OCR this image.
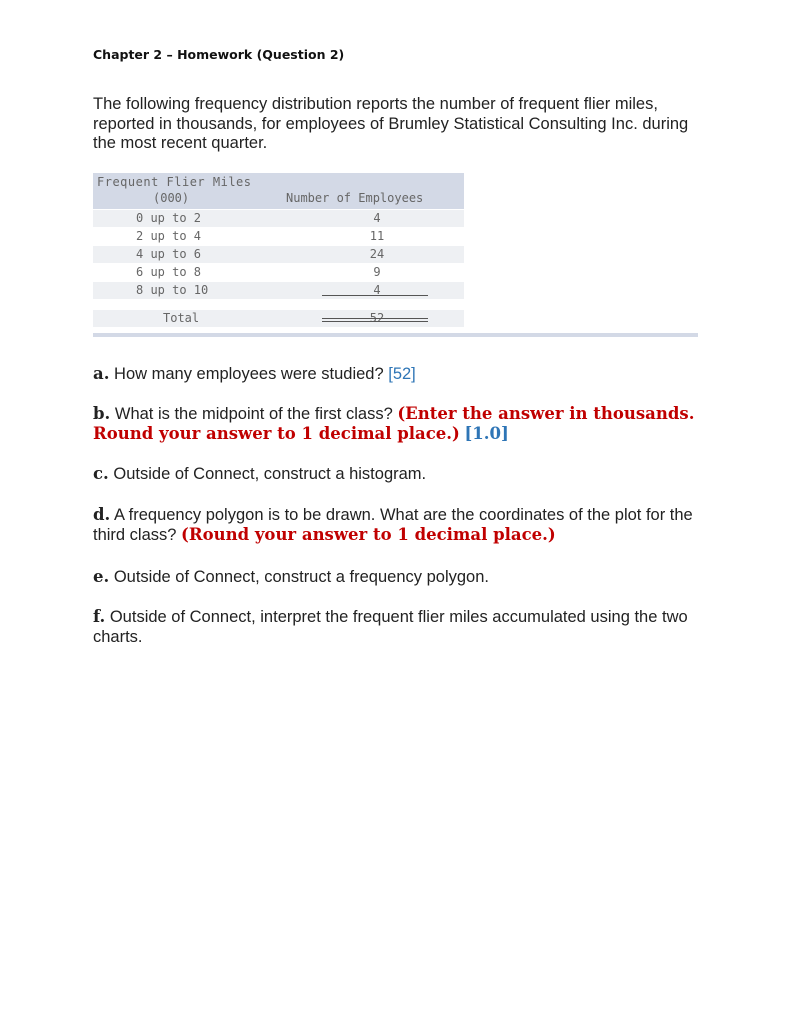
Chapter 2 – Homework (Question 2)
The following frequency distribution reports the number of frequent flier miles, reported in thousands, for employees of Brumley Statistical Consulting Inc. during the most recent quarter.
Frequent Flier Miles
(000)	Number of Employees
0 up to 2	4
2 up to 4	11
4 up to 6	24
6 up to 8	9
8 up to 10	4
Total	52
a. How many employees were studied? [52]
b. What is the midpoint of the first class? (Enter the answer in thousands. Round your answer to 1 decimal place.) [1.0]
c. Outside of Connect, construct a histogram.
d. A frequency polygon is to be drawn. What are the coordinates of the plot for the third class? (Round your answer to 1 decimal place.)
e. Outside of Connect, construct a frequency polygon.
f. Outside of Connect, interpret the frequent flier miles accumulated using the two charts.
